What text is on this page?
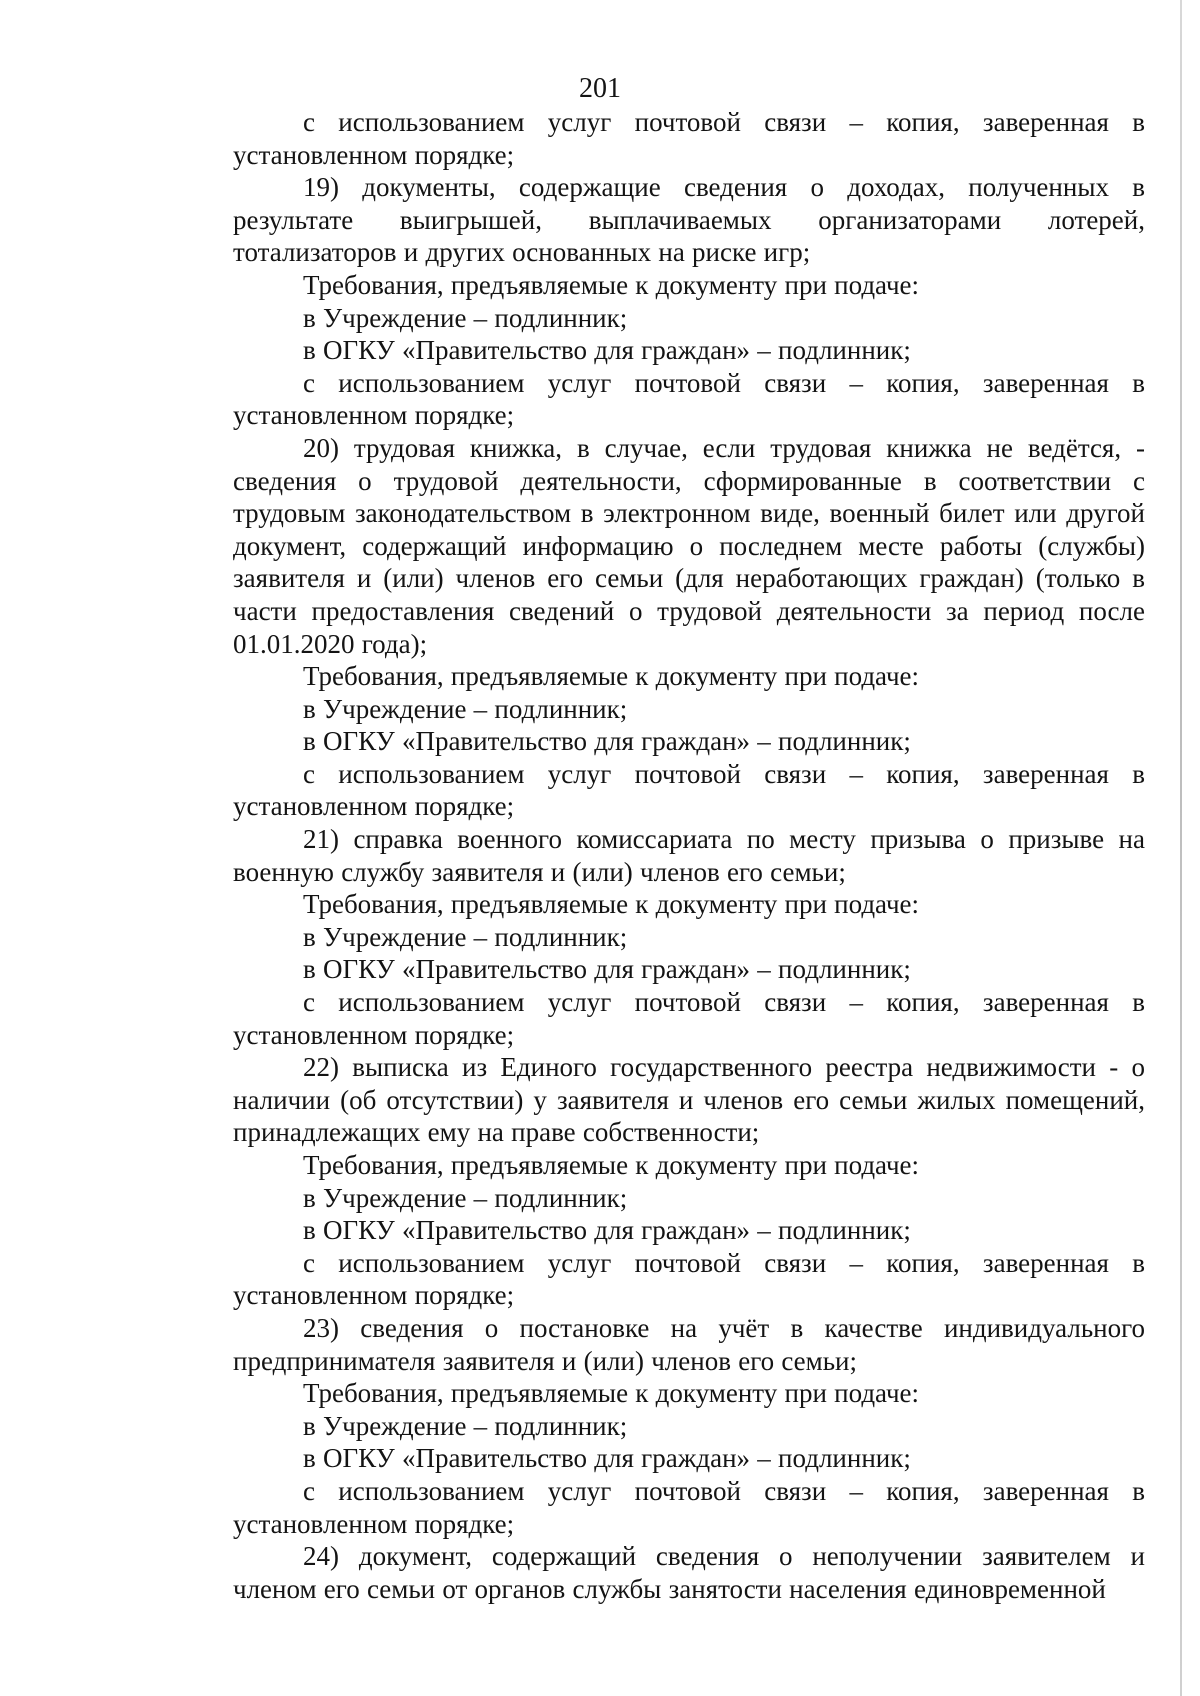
201

с использованием услуг почтовой связи – копия, заверенная в установленном порядке;

19) документы, содержащие сведения о доходах, полученных в результате выигрышей, выплачиваемых организаторами лотерей, тотализаторов и других основанных на риске игр;

Требования, предъявляемые к документу при подаче:

в Учреждение – подлинник;

в ОГКУ «Правительство для граждан» – подлинник;

с использованием услуг почтовой связи – копия, заверенная в установленном порядке;

20) трудовая книжка, в случае, если трудовая книжка не ведётся, - сведения о трудовой деятельности, сформированные в соответствии с трудовым законодательством в электронном виде, военный билет или другой документ, содержащий информацию о последнем месте работы (службы) заявителя и (или) членов его семьи (для неработающих граждан) (только в части предоставления сведений о трудовой деятельности за период после 01.01.2020 года);

Требования, предъявляемые к документу при подаче:

в Учреждение – подлинник;

в ОГКУ «Правительство для граждан» – подлинник;

с использованием услуг почтовой связи – копия, заверенная в установленном порядке;

21) справка военного комиссариата по месту призыва о призыве на военную службу заявителя и (или) членов его семьи;

Требования, предъявляемые к документу при подаче:

в Учреждение – подлинник;

в ОГКУ «Правительство для граждан» – подлинник;

с использованием услуг почтовой связи – копия, заверенная в установленном порядке;

22) выписка из Единого государственного реестра недвижимости - о наличии (об отсутствии) у заявителя и членов его семьи жилых помещений, принадлежащих ему на праве собственности;

Требования, предъявляемые к документу при подаче:

в Учреждение – подлинник;

в ОГКУ «Правительство для граждан» – подлинник;

с использованием услуг почтовой связи – копия, заверенная в установленном порядке;

23) сведения о постановке на учёт в качестве индивидуального предпринимателя заявителя и (или) членов его семьи;

Требования, предъявляемые к документу при подаче:

в Учреждение – подлинник;

в ОГКУ «Правительство для граждан» – подлинник;

с использованием услуг почтовой связи – копия, заверенная в установленном порядке;

24) документ, содержащий сведения о неполучении заявителем и членом его семьи от органов службы занятости населения единовременной
